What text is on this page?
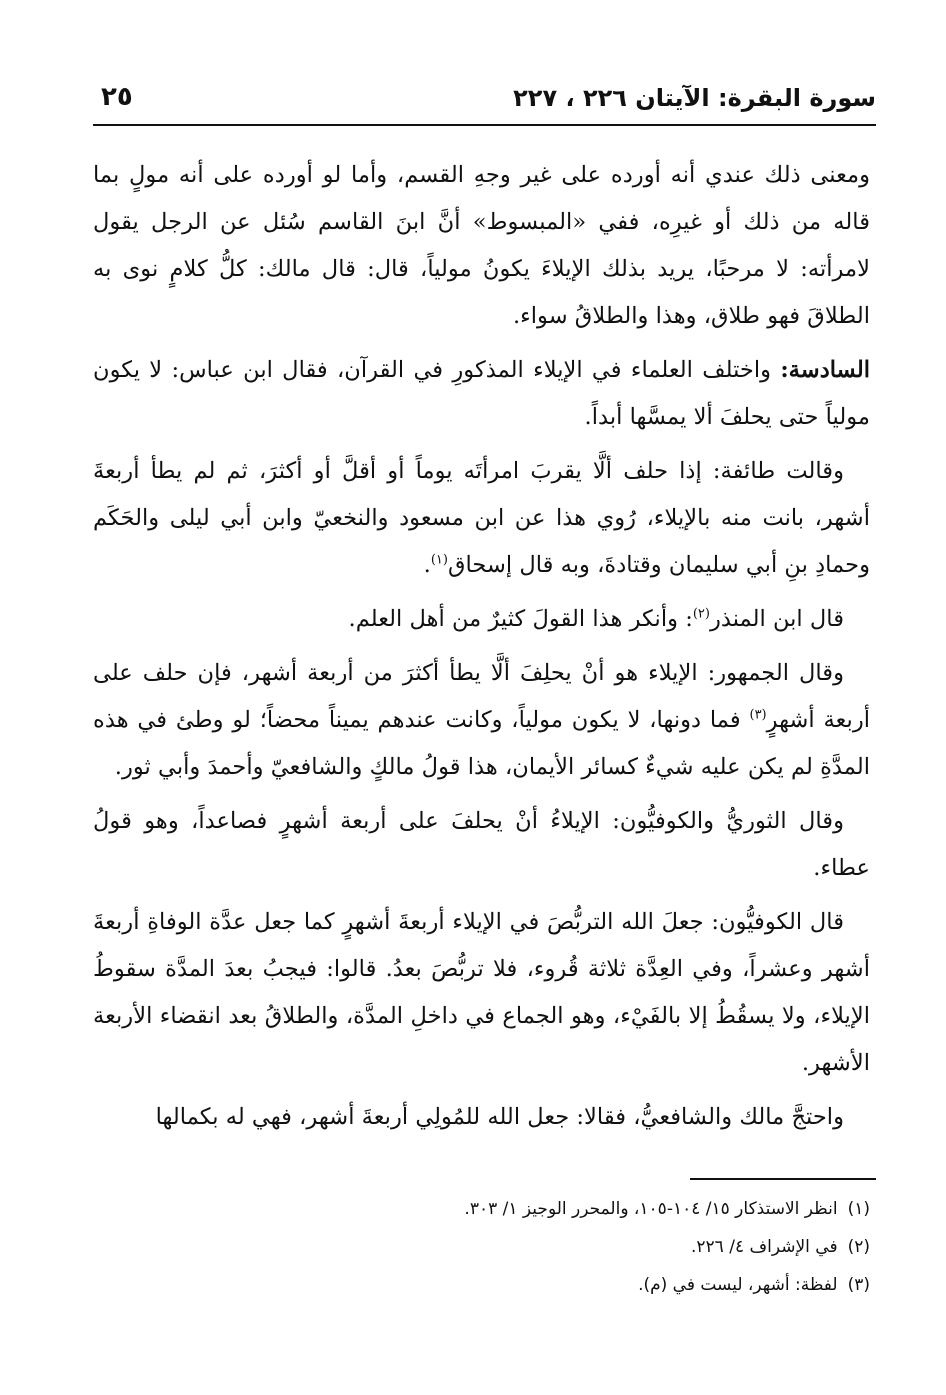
سورة البقرة: الآيتان ٢٢٦ ، ٢٢٧
٢٥

ومعنى ذلك عندي أنه أورده على غير وجهِ القسم، وأما لو أورده على أنه مولٍ بما قاله من ذلك أو غيرِه، ففي «المبسوط» أنَّ ابنَ القاسم سُئل عن الرجل يقول لامرأته: لا مرحبًا، يريد بذلك الإيلاءَ يكونُ مولياً، قال: قال مالك: كلُّ كلامٍ نوى به الطلاقَ فهو طلاق، وهذا والطلاقُ سواء.

السادسة: واختلف العلماء في الإيلاء المذكورِ في القرآن، فقال ابن عباس: لا يكون مولياً حتى يحلفَ ألا يمسَّها أبداً.

وقالت طائفة: إذا حلف ألَّا يقربَ امرأتَه يوماً أو أقلَّ أو أكثرَ، ثم لم يطأ أربعةَ أشهر، بانت منه بالإيلاء، رُوي هذا عن ابن مسعود والنخعيّ وابن أبي ليلى والحَكَم وحمادِ بنِ أبي سليمان وقتادةَ، وبه قال إسحاق$^{(١)}$.

قال ابن المنذر$^{(٢)}$: وأنكر هذا القولَ كثيرٌ من أهل العلم.

وقال الجمهور: الإيلاء هو أنْ يحلِفَ ألَّا يطأ أكثرَ من أربعة أشهر، فإن حلف على أربعة أشهرٍ$^{(٣)}$ فما دونها، لا يكون مولياً، وكانت عندهم يميناً محضاً؛ لو وطئ في هذه المدَّةِ لم يكن عليه شيءٌ كسائر الأيمان، هذا قولُ مالكٍ والشافعيّ وأحمدَ وأبي ثور.

وقال الثوريُّ والكوفيُّون: الإيلاءُ أنْ يحلفَ على أربعة أشهرٍ فصاعداً، وهو قولُ عطاء.

قال الكوفيُّون: جعلَ الله التربُّصَ في الإيلاء أربعةَ أشهرٍ كما جعل عدَّة الوفاةِ أربعةَ أشهر وعشراً، وفي العِدَّة ثلاثة قُروء، فلا تربُّصَ بعدُ. قالوا: فيجبُ بعدَ المدَّة سقوطُ الإيلاء، ولا يسقُطُ إلا بالفَيْء، وهو الجماع في داخلِ المدَّة، والطلاقُ بعد انقضاء الأربعة الأشهر.

واحتجَّ مالك والشافعيُّ، فقالا: جعل الله للمُولِي أربعةَ أشهر، فهي له بكمالها

(١)انظر الاستذكار ١٥/ ١٠٤-١٠٥، والمحرر الوجيز ١/ ٣٠٣.
(٢)في الإشراف ٤/ ٢٢٦.
(٣)لفظة: أشهر، ليست في (م).
